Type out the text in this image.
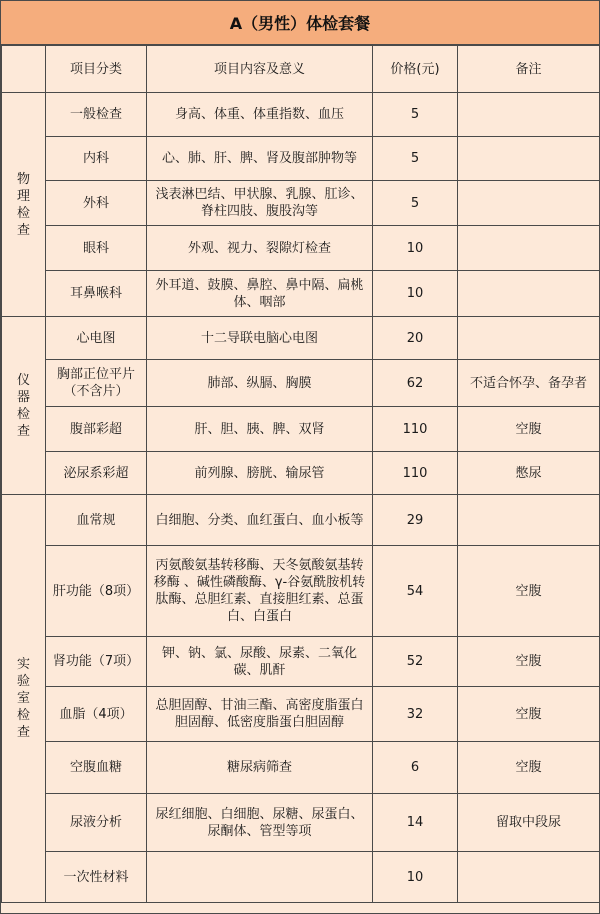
A（男性）体检套餐
	项目分类	项目内容及意义	价格(元)	备注

物理检查	一般检查	身高、体重、体重指数、血压	5	
	内科	心、肺、肝、脾、肾及腹部肿物等	5	
	外科	浅表淋巴结、甲状腺、乳腺、肛诊、脊柱四肢、腹股沟等	5	
	眼科	外观、视力、裂隙灯检查	10	
	耳鼻喉科	外耳道、鼓膜、鼻腔、鼻中隔、扁桃体、咽部	10	

仪器检查	心电图	十二导联电脑心电图	20	
	胸部正位平片（不含片）	肺部、纵膈、胸膜	62	不适合怀孕、备孕者
	腹部彩超	肝、胆、胰、脾、双肾	110	空腹
	泌尿系彩超	前列腺、膀胱、输尿管	110	憋尿

实验室检查	血常规	白细胞、分类、血红蛋白、血小板等	29	
	肝功能（8项）	丙氨酸氨基转移酶、天冬氨酸氨基转移酶 、碱性磷酸酶、γ-谷氨酰胺机转肽酶、总胆红素、直接胆红素、总蛋白、白蛋白	54	空腹
	肾功能（7项）	钾、钠、氯、尿酸、尿素、二氧化碳、肌酐	52	空腹
	血脂（4项）	总胆固醇、甘油三酯、高密度脂蛋白胆固醇、低密度脂蛋白胆固醇	32	空腹
	空腹血糖	糖尿病筛查	6	空腹
	尿液分析	尿红细胞、白细胞、尿糖、尿蛋白、尿酮体、管型等项	14	留取中段尿
	一次性材料		10	
